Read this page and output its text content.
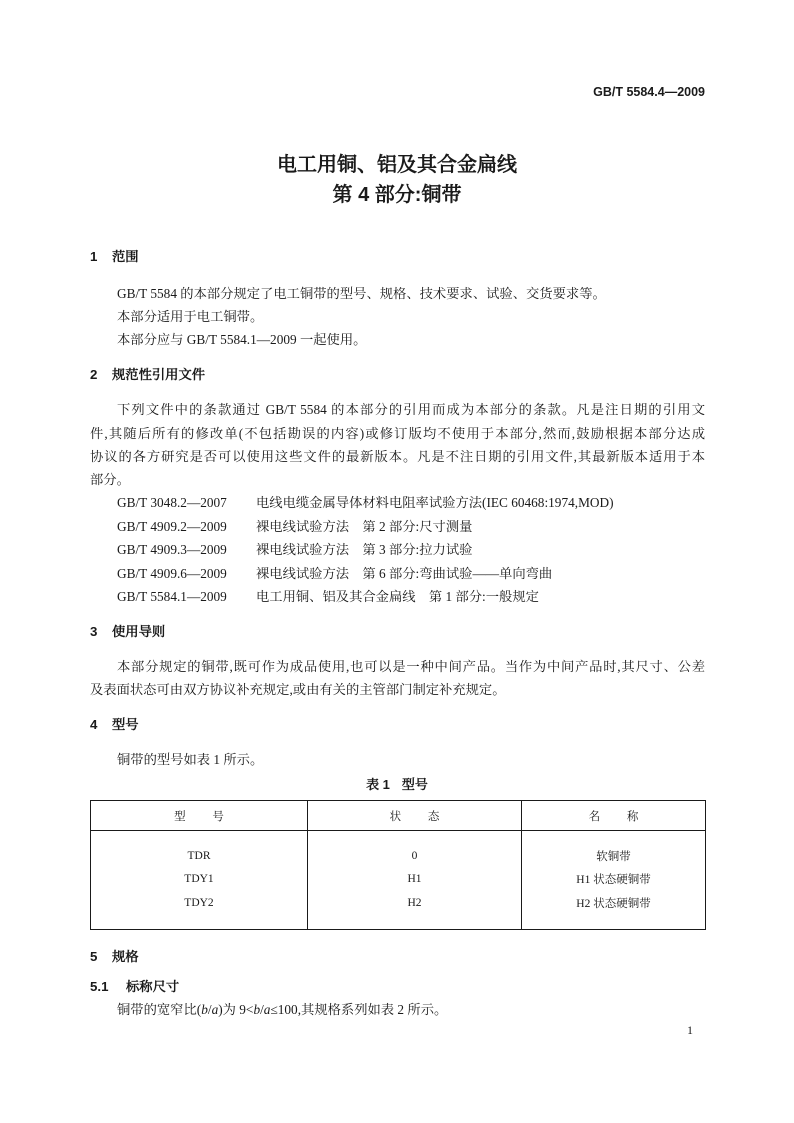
GB/T 5584.4—2009
电工用铜、铝及其合金扁线
第 4 部分:铜带
1 范围
GB/T 5584 的本部分规定了电工铜带的型号、规格、技术要求、试验、交货要求等。
本部分适用于电工铜带。
本部分应与 GB/T 5584.1—2009 一起使用。
2 规范性引用文件
下列文件中的条款通过 GB/T 5584 的本部分的引用而成为本部分的条款。凡是注日期的引用文
件,其随后所有的修改单(不包括勘误的内容)或修订版均不使用于本部分,然而,鼓励根据本部分达成
协议的各方研究是否可以使用这些文件的最新版本。凡是不注日期的引用文件,其最新版本适用于本
部分。
GB/T 3048.2—2007 电线电缆金属导体材料电阻率试验方法(IEC 60468:1974,MOD)
GB/T 4909.2—2009 裸电线试验方法　第 2 部分:尺寸测量
GB/T 4909.3—2009 裸电线试验方法　第 3 部分:拉力试验
GB/T 4909.6—2009 裸电线试验方法　第 6 部分:弯曲试验——单向弯曲
GB/T 5584.1—2009 电工用铜、铝及其合金扁线　第 1 部分:一般规定
3 使用导则
本部分规定的铜带,既可作为成品使用,也可以是一种中间产品。当作为中间产品时,其尺寸、公差
及表面状态可由双方协议补充规定,或由有关的主管部门制定补充规定。
4 型号
铜带的型号如表 1 所示。
表 1 型号
型 号	状 态	名 称
TDR	0	软铜带
TDY1	H1	H1 状态硬铜带
TDY2	H2	H2 状态硬铜带
5 规格
5.1 标称尺寸
铜带的宽窄比(b/a)为 9<b/a≤100,其规格系列如表 2 所示。
1
